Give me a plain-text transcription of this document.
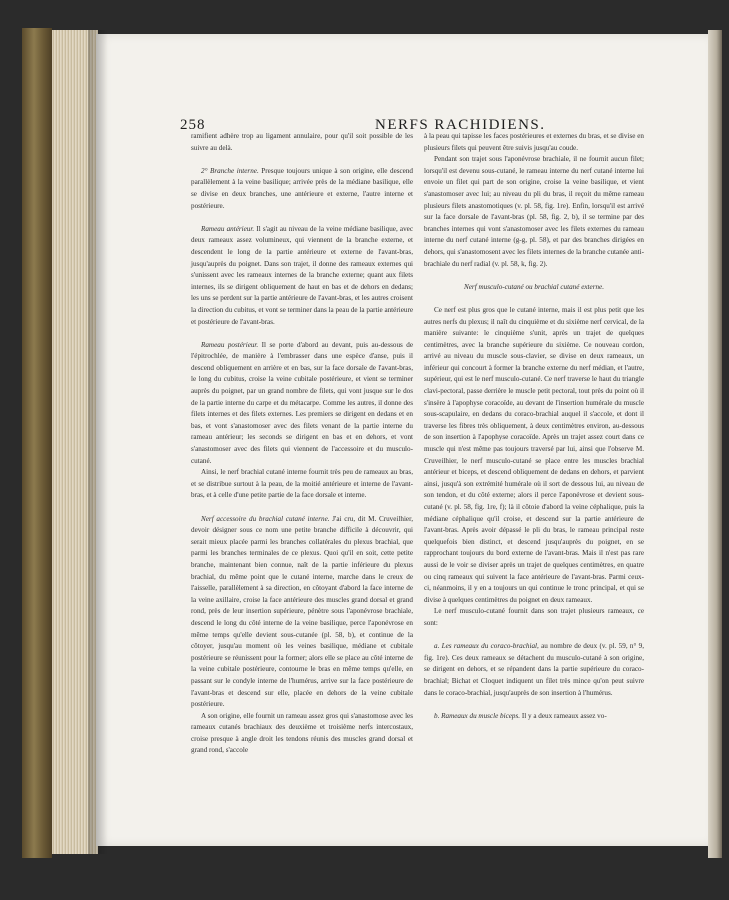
258	NERFS RACHIDIENS.

ramifient adhère trop au ligament annulaire, pour qu'il soit possible de les suivre au delà.

2° Branche interne. Presque toujours unique à son origine, elle descend parallèlement à la veine basilique; arrivée près de la médiane basilique, elle se divise en deux branches, une antérieure et externe, l'autre interne et postérieure.

Rameau antérieur. Il s'agit au niveau de la veine médiane basilique, avec deux rameaux assez volumineux, qui viennent de la branche externe, et descendent le long de la partie antérieure et externe de l'avant-bras, jusqu'auprès du poignet. Dans son trajet, il donne des rameaux externes qui s'unissent avec les rameaux internes de la branche externe; quant aux filets internes, ils se dirigent obliquement de haut en bas et de dehors en dedans; les uns se perdent sur la partie antérieure de l'avant-bras, et les autres croisent la direction du cubitus, et vont se terminer dans la peau de la partie antérieure et postérieure de l'avant-bras.

Rameau postérieur. Il se porte d'abord au devant, puis au-dessous de l'épitrochlée, de manière à l'embrasser dans une espèce d'anse, puis il descend obliquement en arrière et en bas, sur la face dorsale de l'avant-bras, le long du cubitus, croise la veine cubitale postérieure, et vient se terminer auprès du poignet, par un grand nombre de filets, qui vont jusque sur le dos de la partie interne du carpe et du métacarpe. Comme les autres, il donne des filets internes et des filets externes. Les premiers se dirigent en dedans et en bas, et vont s'anastomoser avec des filets venant de la partie interne du rameau antérieur; les seconds se dirigent en bas et en dehors, et vont s'anastomoser avec des filets qui viennent de l'accessoire et du musculo-cutané.

Ainsi, le nerf brachial cutané interne fournit très peu de rameaux au bras, et se distribue surtout à la peau, de la moitié antérieure et interne de l'avant-bras, et à celle d'une petite partie de la face dorsale et interne.

Nerf accessoire du brachial cutané interne. J'ai cru, dit M. Cruveilhier, devoir désigner sous ce nom une petite branche difficile à découvrir, qui serait mieux placée parmi les branches collatérales du plexus brachial, que parmi les branches terminales de ce plexus. Quoi qu'il en soit, cette petite branche, maintenant bien connue, naît de la partie inférieure du plexus brachial, du même point que le cutané interne, marche dans le creux de l'aisselle, parallèlement à sa direction, en côtoyant d'abord la face interne de la veine axillaire, croise la face antérieure des muscles grand dorsal et grand rond, près de leur insertion supérieure, pénètre sous l'aponévrose brachiale, descend le long du côté interne de la veine basilique, perce l'aponévrose en même temps qu'elle devient sous-cutanée (pl. 58, b), et continue de la côtoyer, jusqu'au moment où les veines basilique, médiane et cubitale postérieure se réunissent pour la former; alors elle se place au côté interne de la veine cubitale postérieure, contourne le bras en même temps qu'elle, en passant sur le condyle interne de l'humérus, arrive sur la face postérieure de l'avant-bras et descend sur elle, placée en dehors de la veine cubitale postérieure.

A son origine, elle fournit un rameau assez gros qui s'anastomose avec les rameaux cutanés brachiaux des deuxième et troisième nerfs intercostaux, croise presque à angle droit les tendons réunis des muscles grand dorsal et grand rond, s'accole

à la peau qui tapisse les faces postérieures et externes du bras, et se divise en plusieurs filets qui peuvent être suivis jusqu'au coude.

Pendant son trajet sous l'aponévrose brachiale, il ne fournit aucun filet; lorsqu'il est devenu sous-cutané, le rameau interne du nerf cutané interne lui envoie un filet qui part de son origine, croise la veine basilique, et vient s'anastomoser avec lui; au niveau du pli du bras, il reçoit du même rameau plusieurs filets anastomotiques (v. pl. 58, fig. 1re). Enfin, lorsqu'il est arrivé sur la face dorsale de l'avant-bras (pl. 58, fig. 2, b), il se termine par des branches internes qui vont s'anastomoser avec les filets externes du rameau interne du nerf cutané interne (g-g, pl. 58), et par des branches dirigées en dehors, qui s'anastomosent avec les filets internes de la branche cutanée anti-brachiale du nerf radial (v. pl. 58, k, fig. 2).

Nerf musculo-cutané ou brachial cutané externe.

Ce nerf est plus gros que le cutané interne, mais il est plus petit que les autres nerfs du plexus; il naît du cinquième et du sixième nerf cervical, de la manière suivante: le cinquième s'unit, après un trajet de quelques centimètres, avec la branche supérieure du sixième. Ce nouveau cordon, arrivé au niveau du muscle sous-clavier, se divise en deux rameaux, un inférieur qui concourt à former la branche externe du nerf médian, et l'autre, supérieur, qui est le nerf musculo-cutané. Ce nerf traverse le haut du triangle clavi-pectoral, passe derrière le muscle petit pectoral, tout près du point où il s'insère à l'apophyse coracoïde, au devant de l'insertion humérale du muscle sous-scapulaire, en dedans du coraco-brachial auquel il s'accole, et dont il traverse les fibres très obliquement, à deux centimètres environ, au-dessous de son insertion à l'apophyse coracoïde. Après un trajet assez court dans ce muscle qui n'est même pas toujours traversé par lui, ainsi que l'observe M. Cruveilhier, le nerf musculo-cutané se place entre les muscles brachial antérieur et biceps, et descend obliquement de dedans en dehors, et parvient ainsi, jusqu'à son extrémité humérale où il sort de dessous lui, au niveau de son tendon, et du côté externe; alors il perce l'aponévrose et devient sous-cutané (v. pl. 58, fig. 1re, f); là il côtoie d'abord la veine céphalique, puis la médiane céphalique qu'il croise, et descend sur la partie antérieure de l'avant-bras. Après avoir dépassé le pli du bras, le rameau principal reste quelquefois bien distinct, et descend jusqu'auprès du poignet, en se rapprochant toujours du bord externe de l'avant-bras. Mais il n'est pas rare aussi de le voir se diviser après un trajet de quelques centimètres, en quatre ou cinq rameaux qui suivent la face antérieure de l'avant-bras. Parmi ceux-ci, néanmoins, il y en a toujours un qui continue le tronc principal, et qui se divise à quelques centimètres du poignet en deux rameaux.

Le nerf musculo-cutané fournit dans son trajet plusieurs rameaux, ce sont:

a. Les rameaux du coraco-brachial, au nombre de deux (v. pl. 59, n° 9, fig. 1re). Ces deux rameaux se détachent du musculo-cutané à son origine, se dirigent en dehors, et se répandent dans la partie supérieure du coraco-brachial; Bichat et Cloquet indiquent un filet très mince qu'on peut suivre dans le coraco-brachial, jusqu'auprès de son insertion à l'humérus.

b. Rameaux du muscle biceps. Il y a deux rameaux assez vo-
